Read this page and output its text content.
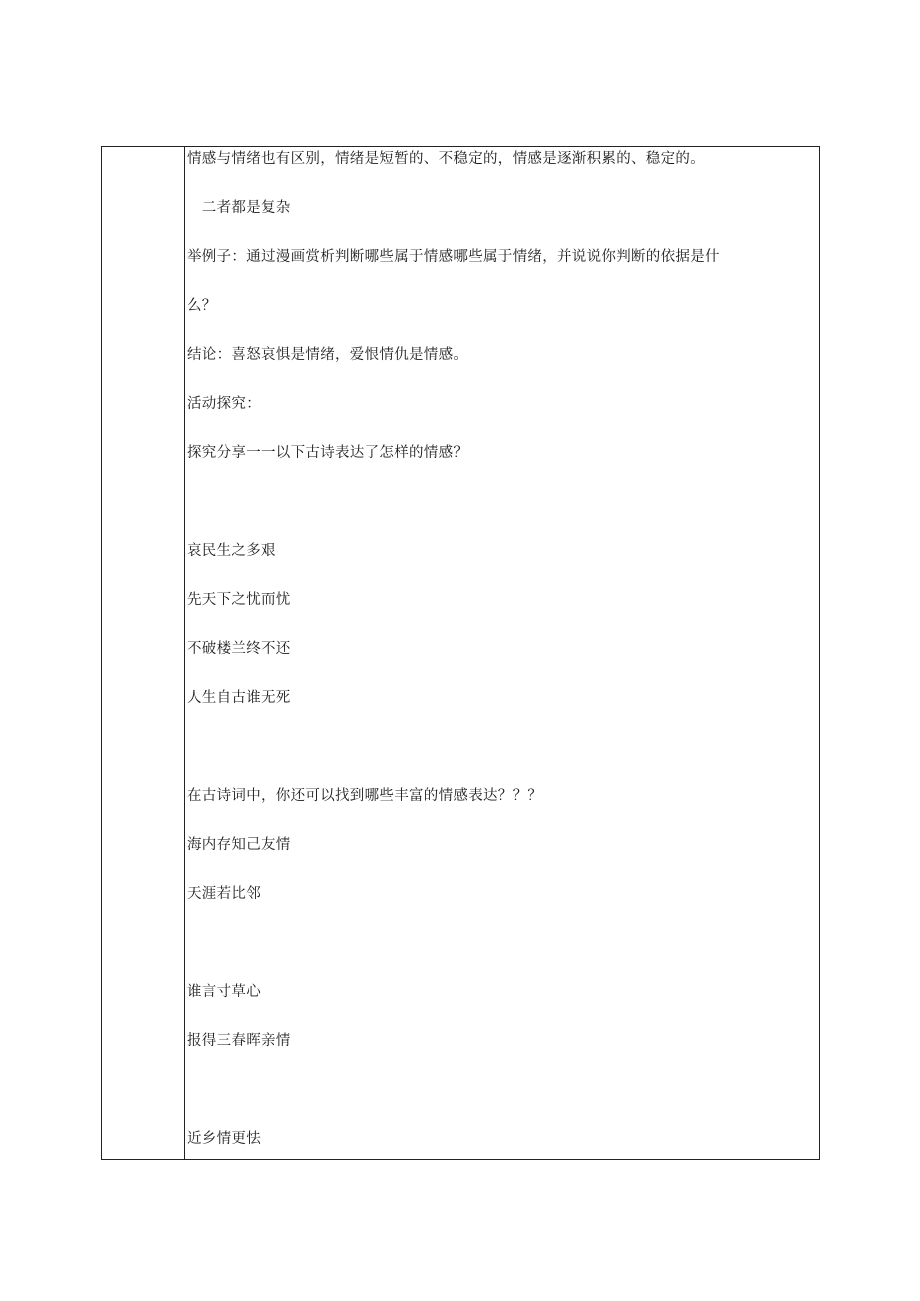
情感与情绪也有区别，情绪是短暂的、不稳定的，情感是逐渐积累的、稳定的。
　二者都是复杂
举例子：通过漫画赏析判断哪些属于情感哪些属于情绪，并说说你判断的依据是什
么？
结论：喜怒哀惧是情绪，爱恨情仇是情感。
活动探究：
探究分享一一以下古诗表达了怎样的情感？
哀民生之多艰
先天下之忧而忧
不破楼兰终不还
人生自古谁无死
在古诗词中，你还可以找到哪些丰富的情感表达？？？
海内存知己友情
天涯若比邻
谁言寸草心
报得三春晖亲情
近乡情更怯
